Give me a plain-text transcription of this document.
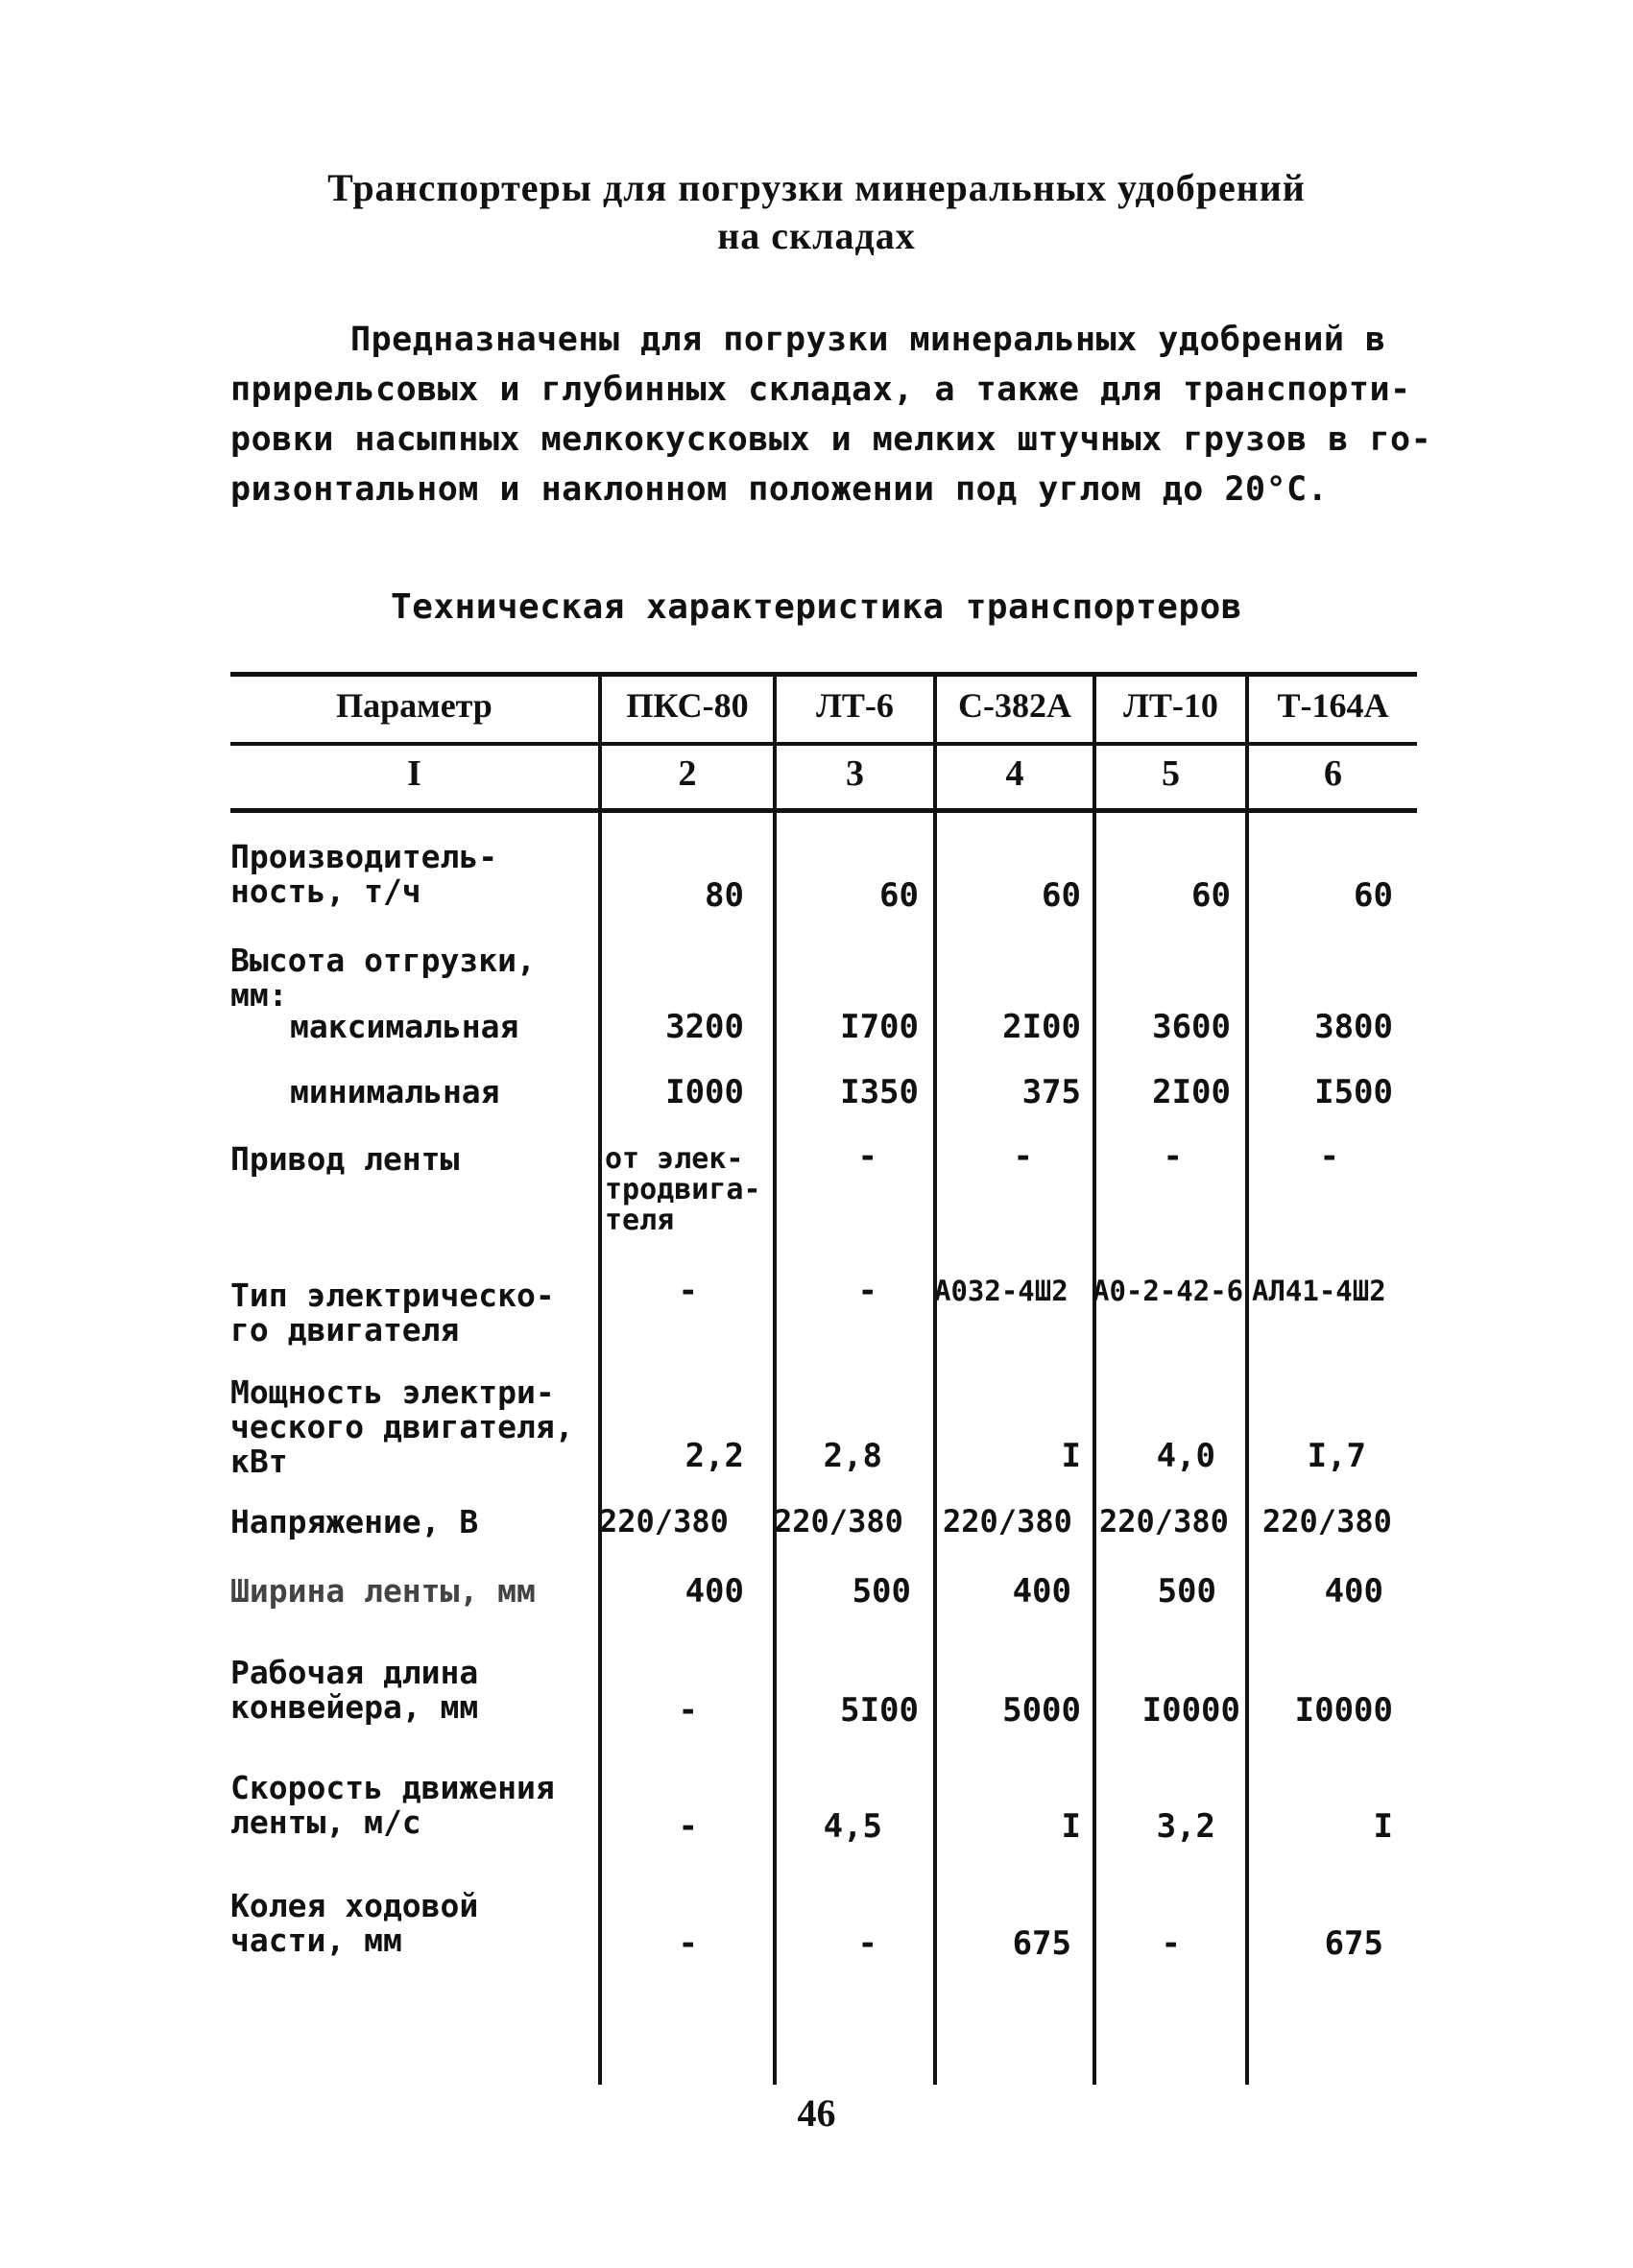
Транспортеры для погрузки минеральных удобрений
на складах
Предназначены для погрузки минеральных удобрений в
прирельсовых и глубинных складах, а также для транспорти-
ровки насыпных мелкокусковых и мелких штучных грузов в го-
ризонтальном и наклонном положении под углом до 20°С.
Техническая характеристика транспортеров
Параметр	ПКС-80	ЛТ-6	С-382А	ЛТ-10	Т-164А
I	2	3	4	5	6
Производитель-
ность, т/ч	80	60	60	60	60
Высота отгрузки,
мм:
максимальная	3200	I700	2I00	3600	3800
минимальная	I000	I350	375	2I00	I500
Привод ленты	от элек-
тродвига-
теля
-	-	-	-
Тип электрическо-
го двигателя
-	- А032-4Ш2 А0-2-42-6 АЛ41-4Ш2
Мощность электри-
ческого двигателя,
кВт	2,2	2,8	I	4,0	I,7
Напряжение, В	220/380 220/380 220/380 220/380 220/380
Ширина ленты, мм	400	500	400	500	400
Рабочая длина
конвейера, мм	-	5I00	5000	I0000	I0000
Скорость движения
ленты, м/с	-	4,5	I	3,2	I
Колея ходовой
части, мм	-	-	675	-	675
46
